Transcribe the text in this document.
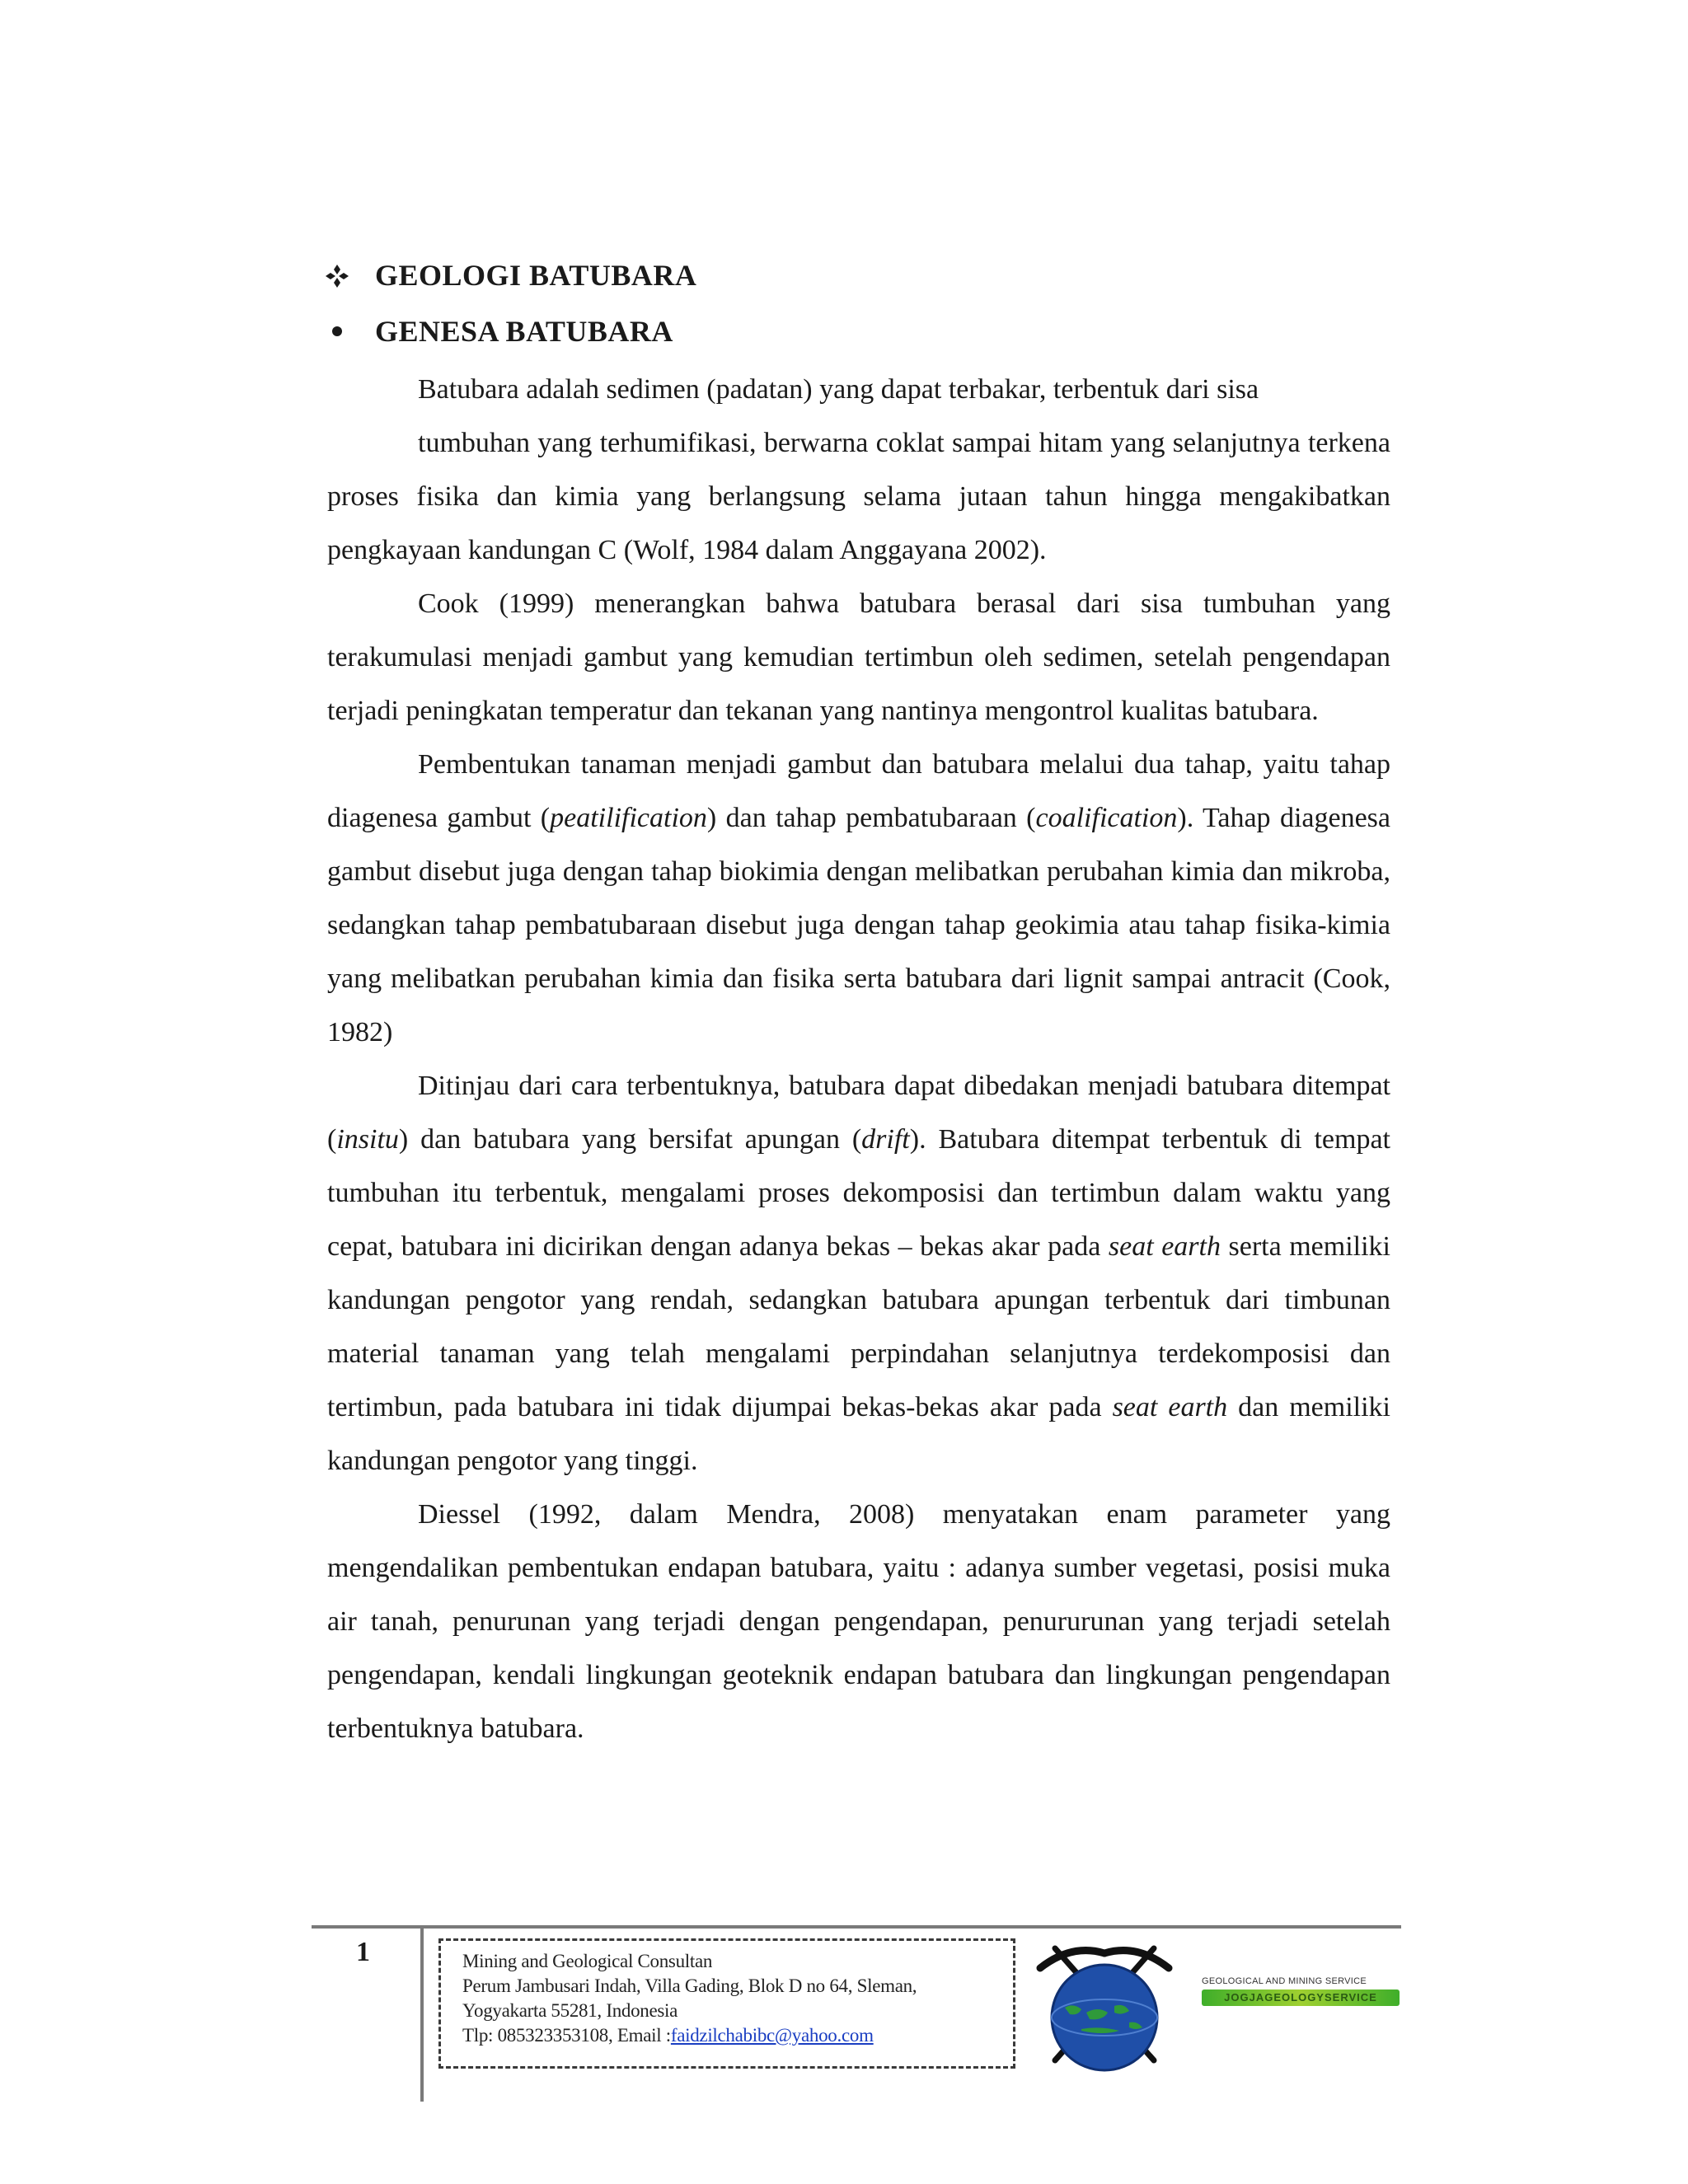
GEOLOGI BATUBARA
GENESA BATUBARA

Batubara adalah sedimen (padatan) yang dapat terbakar, terbentuk dari sisa
tumbuhan yang terhumifikasi, berwarna coklat sampai hitam yang selanjutnya terkena proses fisika dan kimia yang berlangsung selama jutaan tahun hingga mengakibatkan pengkayaan kandungan C (Wolf, 1984 dalam Anggayana 2002).

Cook (1999) menerangkan bahwa batubara berasal dari sisa tumbuhan yang terakumulasi menjadi gambut yang kemudian tertimbun oleh sedimen, setelah pengendapan terjadi peningkatan temperatur dan tekanan yang nantinya mengontrol kualitas batubara.

Pembentukan tanaman menjadi gambut dan batubara melalui dua tahap, yaitu tahap diagenesa gambut (peatilification) dan tahap pembatubaraan (coalification). Tahap diagenesa gambut disebut juga dengan tahap biokimia dengan melibatkan perubahan kimia dan mikroba, sedangkan tahap pembatubaraan disebut juga dengan tahap geokimia atau tahap fisika-kimia yang melibatkan perubahan kimia dan fisika serta batubara dari lignit sampai antracit (Cook, 1982)

Ditinjau dari cara terbentuknya, batubara dapat dibedakan menjadi batubara ditempat (insitu) dan batubara yang bersifat apungan (drift). Batubara ditempat terbentuk di tempat tumbuhan itu terbentuk, mengalami proses dekomposisi dan tertimbun dalam waktu yang cepat, batubara ini dicirikan dengan adanya bekas – bekas akar pada seat earth serta memiliki kandungan pengotor yang rendah, sedangkan batubara apungan terbentuk dari timbunan material tanaman yang telah mengalami perpindahan selanjutnya terdekomposisi dan tertimbun, pada batubara ini tidak dijumpai bekas-bekas akar pada seat earth dan memiliki kandungan pengotor yang tinggi.

Diessel (1992, dalam Mendra, 2008) menyatakan enam parameter yang mengendalikan pembentukan endapan batubara, yaitu : adanya sumber vegetasi, posisi muka air tanah, penurunan yang terjadi dengan pengendapan, penururunan yang terjadi setelah pengendapan, kendali lingkungan geoteknik endapan batubara dan lingkungan pengendapan terbentuknya batubara.

1	Mining and Geological Consultan
Perum Jambusari Indah, Villa Gading, Blok D no 64, Sleman,
Yogyakarta 55281, Indonesia
Tlp: 085323353108, Email :faidzilchabibc@yahoo.com
GEOLOGICAL AND MINING SERVICE
JOGJAGEOLOGYSERVICE
